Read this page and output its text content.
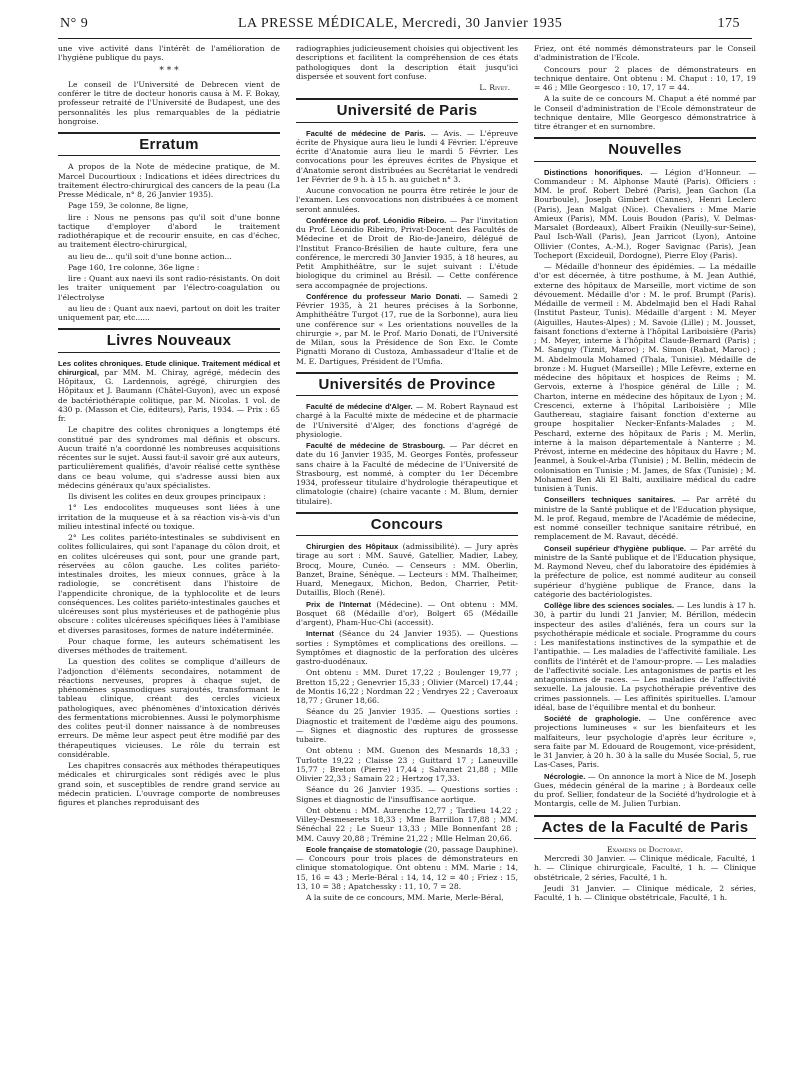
N° 9	LA PRESSE MÉDICALE, Mercredi, 30 Janvier 1935	175

une vive activité dans l'intérêt de l'amélioration de l'hygiène publique du pays.

* * *

Le conseil de l'Université de Debrecen vient de conférer le titre de docteur honoris causa à M. F. Bokay, professeur retraité de l'Université de Budapest, une des personnalités les plus remarquables de la pédiatrie hongroise.

Erratum

A propos de la Note de médecine pratique, de M. Marcel Ducourtioux : Indications et idées directrices du traitement électro-chirurgical des cancers de la peau (La Presse Médicale, n° 8, 26 Janvier 1935).

Page 159, 3e colonne, 8e ligne,

lire : Nous ne pensons pas qu'il soit d'une bonne tactique d'employer d'abord le traitement radiothérapique et de recourir ensuite, en cas d'échec, au traitement électro-chirurgical,

au lieu de... qu'il soit d'une bonne action...

Page 160, 1re colonne, 36e ligne :

lire : Quant aux naevi ils sont radio-résistants. On doit les traiter uniquement par l'électro-coagulation ou l'électrolyse

au lieu de : Quant aux naevi, partout on doit les traiter uniquement par, etc......

Livres Nouveaux

Les colites chroniques. Etude clinique. Traitement médical et chirurgical, par MM. M. Chiray, agrégé, médecin des Hôpitaux, G. Lardennois, agrégé, chirurgien des Hôpitaux et J. Baumann (Châtel-Guyon), avec un exposé de bactériothérapie colitique, par M. Nicolas. 1 vol. de 430 p. (Masson et Cie, éditeurs), Paris, 1934. — Prix : 65 fr.

Le chapitre des colites chroniques a longtemps été constitué par des syndromes mal définis et obscurs. Aucun traité n'a coordonné les nombreuses acquisitions récentes sur le sujet. Aussi faut-il savoir gré aux auteurs, particulièrement qualifiés, d'avoir réalisé cette synthèse dans ce beau volume, qui s'adresse aussi bien aux médecins généraux qu'aux spécialistes.

Ils divisent les colites en deux groupes principaux :

1° Les endocolites muqueuses sont liées à une irritation de la muqueuse et à sa réaction vis-à-vis d'un milieu intestinal infecté ou toxique.

2° Les colites pariéto-intestinales se subdivisent en colites folliculaires, qui sont l'apanage du côlon droit, et en colites ulcéreuses qui sont, pour une grande part, réservées au côlon gauche. Les colites pariéto-intestinales droites, les mieux connues, grâce à la radiologie, se concrétisent dans l'histoire de l'appendicite chronique, de la typhlocolite et de leurs conséquences. Les colites pariéto-intestinales gauches et ulcéreuses sont plus mystérieuses et de pathogénie plus obscure : colites ulcéreuses spécifiques liées à l'amibiase et diverses parasitoses, formes de nature indéterminée.

Pour chaque forme, les auteurs schématisent les diverses méthodes de traitement.

La question des colites se complique d'ailleurs de l'adjonction d'éléments secondaires, notamment de réactions nerveuses, propres à chaque sujet, de phénomènes spasmodiques surajoutés, transformant le tableau clinique, créant des cercles vicieux pathologiques, avec phénomènes d'intoxication dérivés des fermentations microbiennes. Aussi le polymorphisme des colites peut-il donner naissance à de nombreuses erreurs. De même leur aspect peut être modifié par des thérapeutiques vicieuses. Le rôle du terrain est considérable.

Les chapitres consacrés aux méthodes thérapeutiques médicales et chirurgicales sont rédigés avec le plus grand soin, et susceptibles de rendre grand service au médecin praticien. L'ouvrage comporte de nombreuses figures et planches reproduisant des

radiographies judicieusement choisies qui objectivent les descriptions et facilitent la compréhension de ces états pathologiques dont la description était jusqu'ici dispersée et souvent fort confuse.

L. Rivet.
Université de Paris

Faculté de médecine de Paris. — Avis. — L'épreuve écrite de Physique aura lieu le lundi 4 Février. L'épreuve écrite d'Anatomie aura lieu le mardi 5 Février. Les convocations pour les épreuves écrites de Physique et d'Anatomie seront distribuées au Secrétariat le vendredi 1er Février de 9 h. à 15 h. au guichet n° 3.

Aucune convocation ne pourra être retirée le jour de l'examen. Les convocations non distribuées à ce moment seront annulées.

Conférence du prof. Léonidio Ribeiro. — Par l'invitation du Prof. Léonidio Ribeiro, Privat-Docent des Facultés de Médecine et de Droit de Rio-de-Janeiro, délégué de l'Institut Franco-Brésilien de haute culture, fera une conférence, le mercredi 30 Janvier 1935, à 18 heures, au Petit Amphithéâtre, sur le sujet suivant : L'étude biologique du criminel au Brésil. — Cette conférence sera accompagnée de projections.

Conférence du professeur Mario Donati. — Samedi 2 Février 1935, à 21 heures précises à la Sorbonne, Amphithéâtre Turgot (17, rue de la Sorbonne), aura lieu une conférence sur « Les orientations nouvelles de la chirurgie », par M. le Prof. Mario Donati, de l'Université de Milan, sous la Présidence de Son Exc. le Comte Pignatti Morano di Custoza, Ambassadeur d'Italie et de M. E. Dartigues, Président de l'Umfia.

Universités de Province

Faculté de médecine d'Alger. — M. Robert Raynaud est chargé à la Faculté mixte de médecine et de pharmacie de l'Université d'Alger, des fonctions d'agrégé de physiologie.

Faculté de médecine de Strasbourg. — Par décret en date du 16 Janvier 1935, M. Georges Fontès, professeur sans chaire à la Faculté de médecine de l'Université de Strasbourg, est nommé, à compter du 1er Décembre 1934, professeur titulaire d'hydrologie thérapeutique et climatologie (chaire) (chaire vacante : M. Blum, dernier titulaire).

Concours

Chirurgien des Hôpitaux (admissibilité). — Jury après tirage au sort : MM. Sauvé, Gatellier, Madier, Labey, Brocq, Moure, Cunéo. — Censeurs : MM. Oberlin, Banzet, Braine, Sénèque. — Lecteurs : MM. Thalheimer, Huard, Menegaux, Michon, Bedon, Charrier, Petit-Dutaillis, Bloch (René).

Prix de l'Internat (Médecine). — Ont obtenu : MM. Bosquet 68 (Médaille d'or), Bolgert 65 (Médaille d'argent), Pham-Huc-Chi (accessit).

Internat (Séance du 24 Janvier 1935). — Questions sorties : Symptômes et complications des oreillons. — Symptômes et diagnostic de la perforation des ulcères gastro-duodénaux.

Ont obtenu : MM. Duret 17,22 ; Boulenger 19,77 ; Bretton 15,22 ; Genevrier 15,33 ; Olivier (Marcel) 17,44 ; de Montis 16,22 ; Nordman 22 ; Vendryes 22 ; Caveroaux 18,77 ; Gruner 18,66.

Séance du 25 Janvier 1935. — Questions sorties : Diagnostic et traitement de l'œdème aigu des poumons. — Signes et diagnostic des ruptures de grossesse tubaire.

Ont obtenu : MM. Guenon des Mesnards 18,33 ; Turlotte 19,22 ; Claisse 23 ; Guittard 17 ; Laneuville 15,77 ; Breton (Pierre) 17,44 ; Salvanet 21,88 ; Mlle Olivier 22,33 ; Samain 22 ; Hertzog 17,33.

Séance du 26 Janvier 1935. — Questions sorties : Signes et diagnostic de l'insuffisance aortique.

Ont obtenu : MM. Aurenche 12,77 ; Tardieu 14,22 ; Villey-Desmeserets 18,33 ; Mme Barrillon 17,88 ; MM. Sénéchal 22 ; Le Sueur 13,33 ; Mlle Bonnenfant 28 ; MM. Cauvy 20,88 ; Trémine 21,22 ; Mlle Helman 20,66.

Ecole française de stomatologie (20, passage Dauphine). — Concours pour trois places de démonstrateurs en clinique stomatologique. Ont obtenu : MM. Marie : 14, 15, 16 = 43 ; Merle-Béral : 14, 14, 12 = 40 ; Friez : 15, 13, 10 = 38 ; Apatchessky : 11, 10, 7 = 28.

A la suite de ce concours, MM. Marie, Merle-Béral,

Friez, ont été nommés démonstrateurs par le Conseil d'administration de l'Ecole.

Concours pour 2 places de démonstrateurs en technique dentaire. Ont obtenu : M. Chaput : 10, 17, 19 = 46 ; Mlle Georgesco : 10, 17, 17 = 44.

A la suite de ce concours M. Chaput a été nommé par le Conseil d'administration de l'Ecole démonstrateur de technique dentaire, Mlle Georgesco démonstratrice à titre étranger et en surnombre.

Nouvelles

Distinctions honorifiques. — Légion d'Honneur. — Commandeur : M. Alphonse Mauté (Paris). Officiers : MM. le prof. Robert Debré (Paris), Jean Gachon (La Bourboule), Joseph Gimbert (Cannes), Henri Leclerc (Paris), Jean Malgat (Nice). Chevaliers : Mme Marie Amieux (Paris), MM. Louis Boudon (Paris), V. Delmas-Marsalet (Bordeaux), Albert Fraikin (Neuilly-sur-Seine), Paul Isch-Wall (Paris), Jean Jarricot (Lyon), Antoine Ollivier (Contes, A.-M.), Roger Savignac (Paris), Jean Tocheport (Excideuil, Dordogne), Pierre Eloy (Paris).

— Médaille d'honneur des épidémies. — La médaille d'or est décernée, à titre posthume, à M. Jean Authié, externe des hôpitaux de Marseille, mort victime de son dévouement. Médaille d'or : M. le prof. Brumpt (Paris). Médaille de vermeil : M. Abdelmajid ben el Hadi Rahal (Institut Pasteur, Tunis). Médaille d'argent : M. Meyer (Aiguilles, Hautes-Alpes) ; M. Savoie (Lille) ; M. Jousset, faisant fonctions d'externe à l'hôpital Lariboisière (Paris) ; M. Meyer, interne à l'hôpital Claude-Bernard (Paris) ; M. Sanguy (Tiznit, Maroc) ; M. Simon (Rabat, Maroc) ; M. Abdelmoula Mohamed (Thala, Tunisie). Médaille de bronze : M. Huguet (Marseille) ; Mlle Lefèvre, externe en médecine des hôpitaux et hospices de Reims ; M. Gervois, externe à l'hospice général de Lille ; M. Charton, interne en médecine des hôpitaux de Lyon ; M. Crescenci, externe à l'hôpital Lariboisière ; Mlle Gauthereau, stagiaire faisant fonction d'externe au groupe hospitalier Necker-Enfants-Malades ; M. Peschard, externe des hôpitaux de Paris ; M. Merlin, interne à la maison départementale à Nanterre ; M. Prévost, interne en médecine des hôpitaux du Havre ; M. Jeanmel, à Souk-el-Arba (Tunisie) ; M. Bellin, médecin de colonisation en Tunisie ; M. James, de Sfax (Tunisie) ; M. Mohamed Ben Ali El Balti, auxiliaire médical du cadre tunisien à Tunis.

Conseillers techniques sanitaires. — Par arrêté du ministre de la Santé publique et de l'Education physique, M. le prof. Regaud, membre de l'Académie de médecine, est nommé conseiller technique sanitaire rétribué, en remplacement de M. Ravaut, décédé.

Conseil supérieur d'hygiène publique. — Par arrêté du ministre de la Santé publique et de l'Education physique, M. Raymond Neveu, chef du laboratoire des épidémies à la préfecture de police, est nommé auditeur au conseil supérieur d'hygiène publique de France, dans la catégorie des bactériologistes.

Collège libre des sciences sociales. — Les lundis à 17 h. 30, à partir du lundi 21 Janvier, M. Bérillon, médecin inspecteur des asiles d'aliénés, fera un cours sur la psychothérapie médicale et sociale. Programme du cours : Les manifestations instinctives de la sympathie et de l'antipathie. — Les maladies de l'affectivité familiale. Les conflits de l'intérêt et de l'amour-propre. — Les maladies de l'affectivité sociale. Les antagonismes de partis et les antagonismes de races. — Les maladies de l'affectivité sexuelle. La jalousie. La psychothérapie préventive des crimes passionnels. — Les affinités spirituelles. L'amour idéal, base de l'équilibre mental et du bonheur.

Société de graphologie. — Une conférence avec projections lumineuses « sur les bienfaiteurs et les malfaiteurs, leur psychologie d'après leur écriture », sera faite par M. Edouard de Rougemont, vice-président, le 31 Janvier, à 20 h. 30 à la salle du Musée Social, 5, rue Las-Cases, Paris.

Nécrologie. — On annonce la mort à Nice de M. Joseph Gues, médecin général de la marine ; à Bordeaux celle du prof. Sellier, fondateur de la Société d'hydrologie et à Montargis, celle de M. Julien Turbian.

Actes de la Faculté de Paris
Examens de Doctorat.

Mercredi 30 Janvier. — Clinique médicale, Faculté, 1 h. — Clinique chirurgicale, Faculté, 1 h. — Clinique obstétricale, 2 séries, Faculté, 1 h.

Jeudi 31 Janvier. — Clinique médicale, 2 séries, Faculté, 1 h. — Clinique obstétricale, Faculté, 1 h.
